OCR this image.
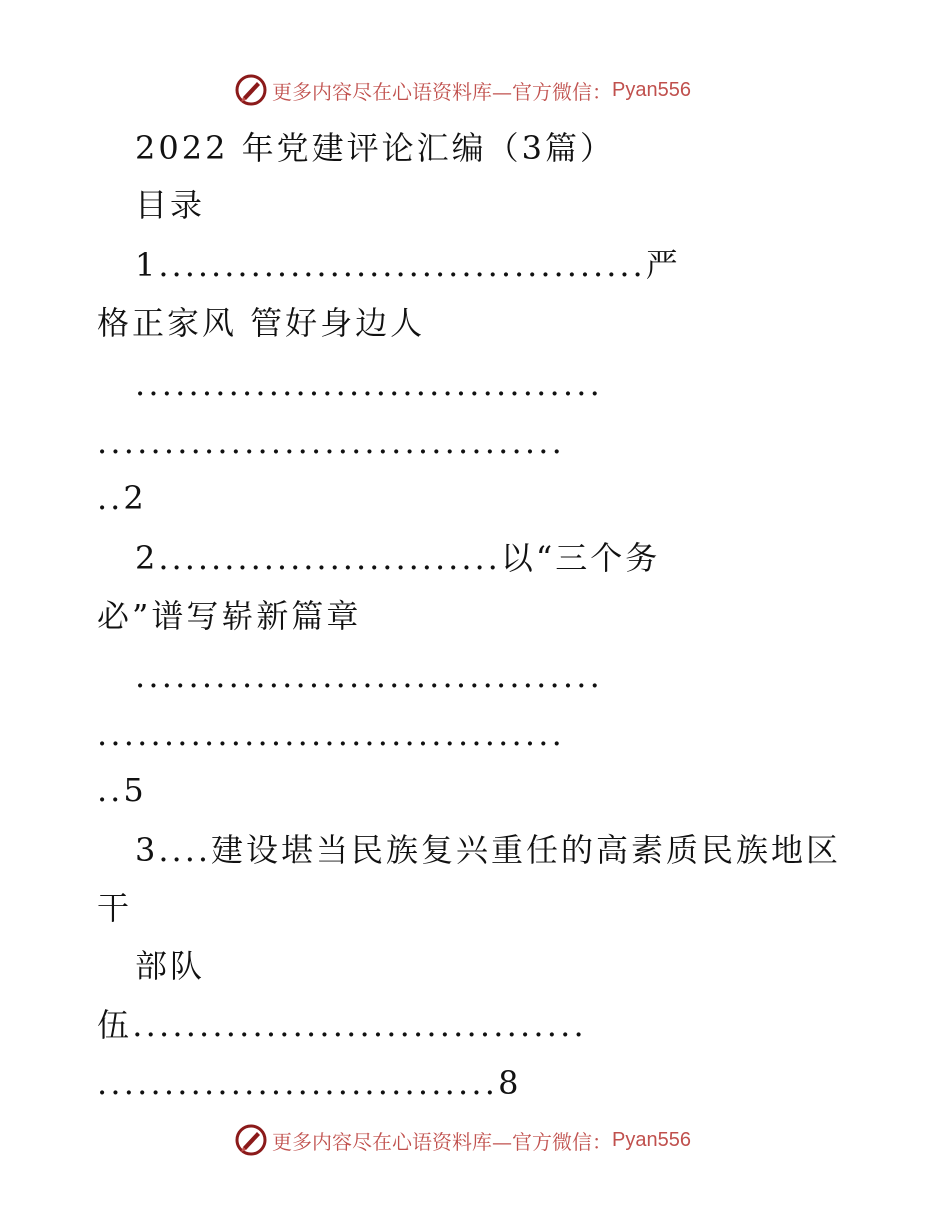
更多内容尽在心语资料库—官方微信： Pyan556
2022 年党建评论汇编（3篇）
目录
1.....................................严
格正家风 管好身边人
...................................
...................................
..2
2..........................以“三个务
必”谱写崭新篇章
...................................
...................................
..5
3....建设堪当民族复兴重任的高素质民族地区
干
部队
伍..................................
..............................8
更多内容尽在心语资料库—官方微信： Pyan556
